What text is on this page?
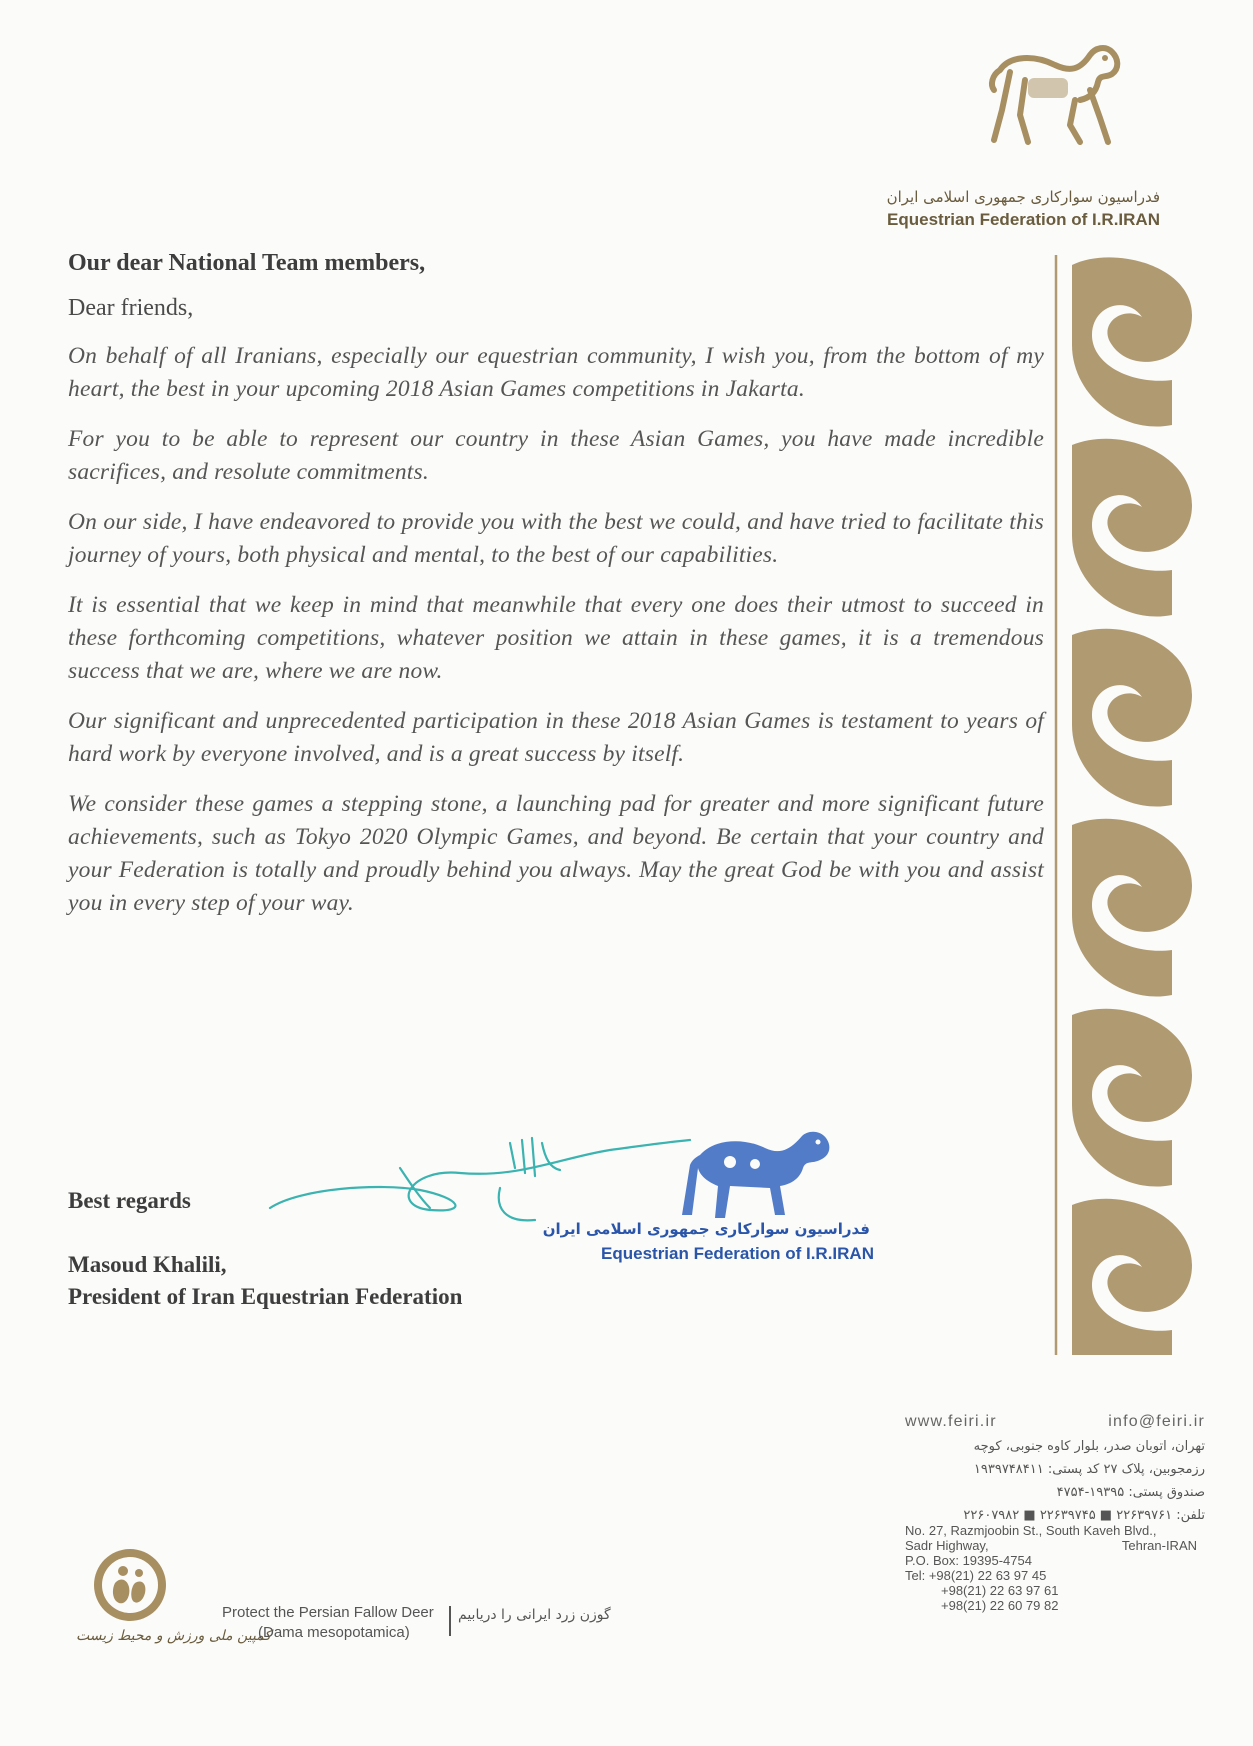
فدراسیون سوارکاری جمهوری اسلامی ایران
Equestrian Federation of I.R.IRAN

Our dear National Team members,

Dear friends,

On behalf of all Iranians, especially our equestrian community, I wish you, from the bottom of my heart, the best in your upcoming 2018 Asian Games competitions in Jakarta.

For you to be able to represent our country in these Asian Games, you have made incredible sacrifices, and resolute commitments.

On our side, I have endeavored to provide you with the best we could, and have tried to facilitate this journey of yours, both physical and mental, to the best of our capabilities.

It is essential that we keep in mind that meanwhile that every one does their utmost to succeed in these forthcoming competitions, whatever position we attain in these games, it is a tremendous success that we are, where we are now.

Our significant and unprecedented participation in these 2018 Asian Games is testament to years of hard work by everyone involved, and is a great success by itself.

We consider these games a stepping stone, a launching pad for greater and more significant future achievements, such as Tokyo 2020 Olympic Games, and beyond. Be certain that your country and your Federation is totally and proudly behind you always. May the great God be with you and assist you in every step of your way.

Best regards
Masoud Khalili,
President of Iran Equestrian Federation
فدراسیون سوارکاری جمهوری اسلامی ایران
Equestrian Federation of I.R.IRAN
www.feiri.ir	info@feiri.ir
تهران، اتوبان صدر، بلوار کاوه جنوبی، کوچه
رزمجوبین، پلاک ۲۷ کد پستی: ۱۹۳۹۷۴۸۴۱۱
صندوق پستی: ۱۹۳۹۵-۴۷۵۴
تلفن: ۲۲۶۳۹۷۶۱ ■ ۲۲۶۳۹۷۴۵ ■ ۲۲۶۰۷۹۸۲
No. 27, Razmjoobin St., South Kaveh Blvd.,
Sadr Highway,	Tehran-IRAN
P.O. Box: 19395-4754
Tel: +98(21) 22 63 97 45
+98(21) 22 63 97 61
+98(21) 22 60 79 82
کمپین ملی ورزش و محیط زیست
Protect the Persian Fallow Deer
(Dama mesopotamica)
گوزن زرد ایرانی را دریابیم
